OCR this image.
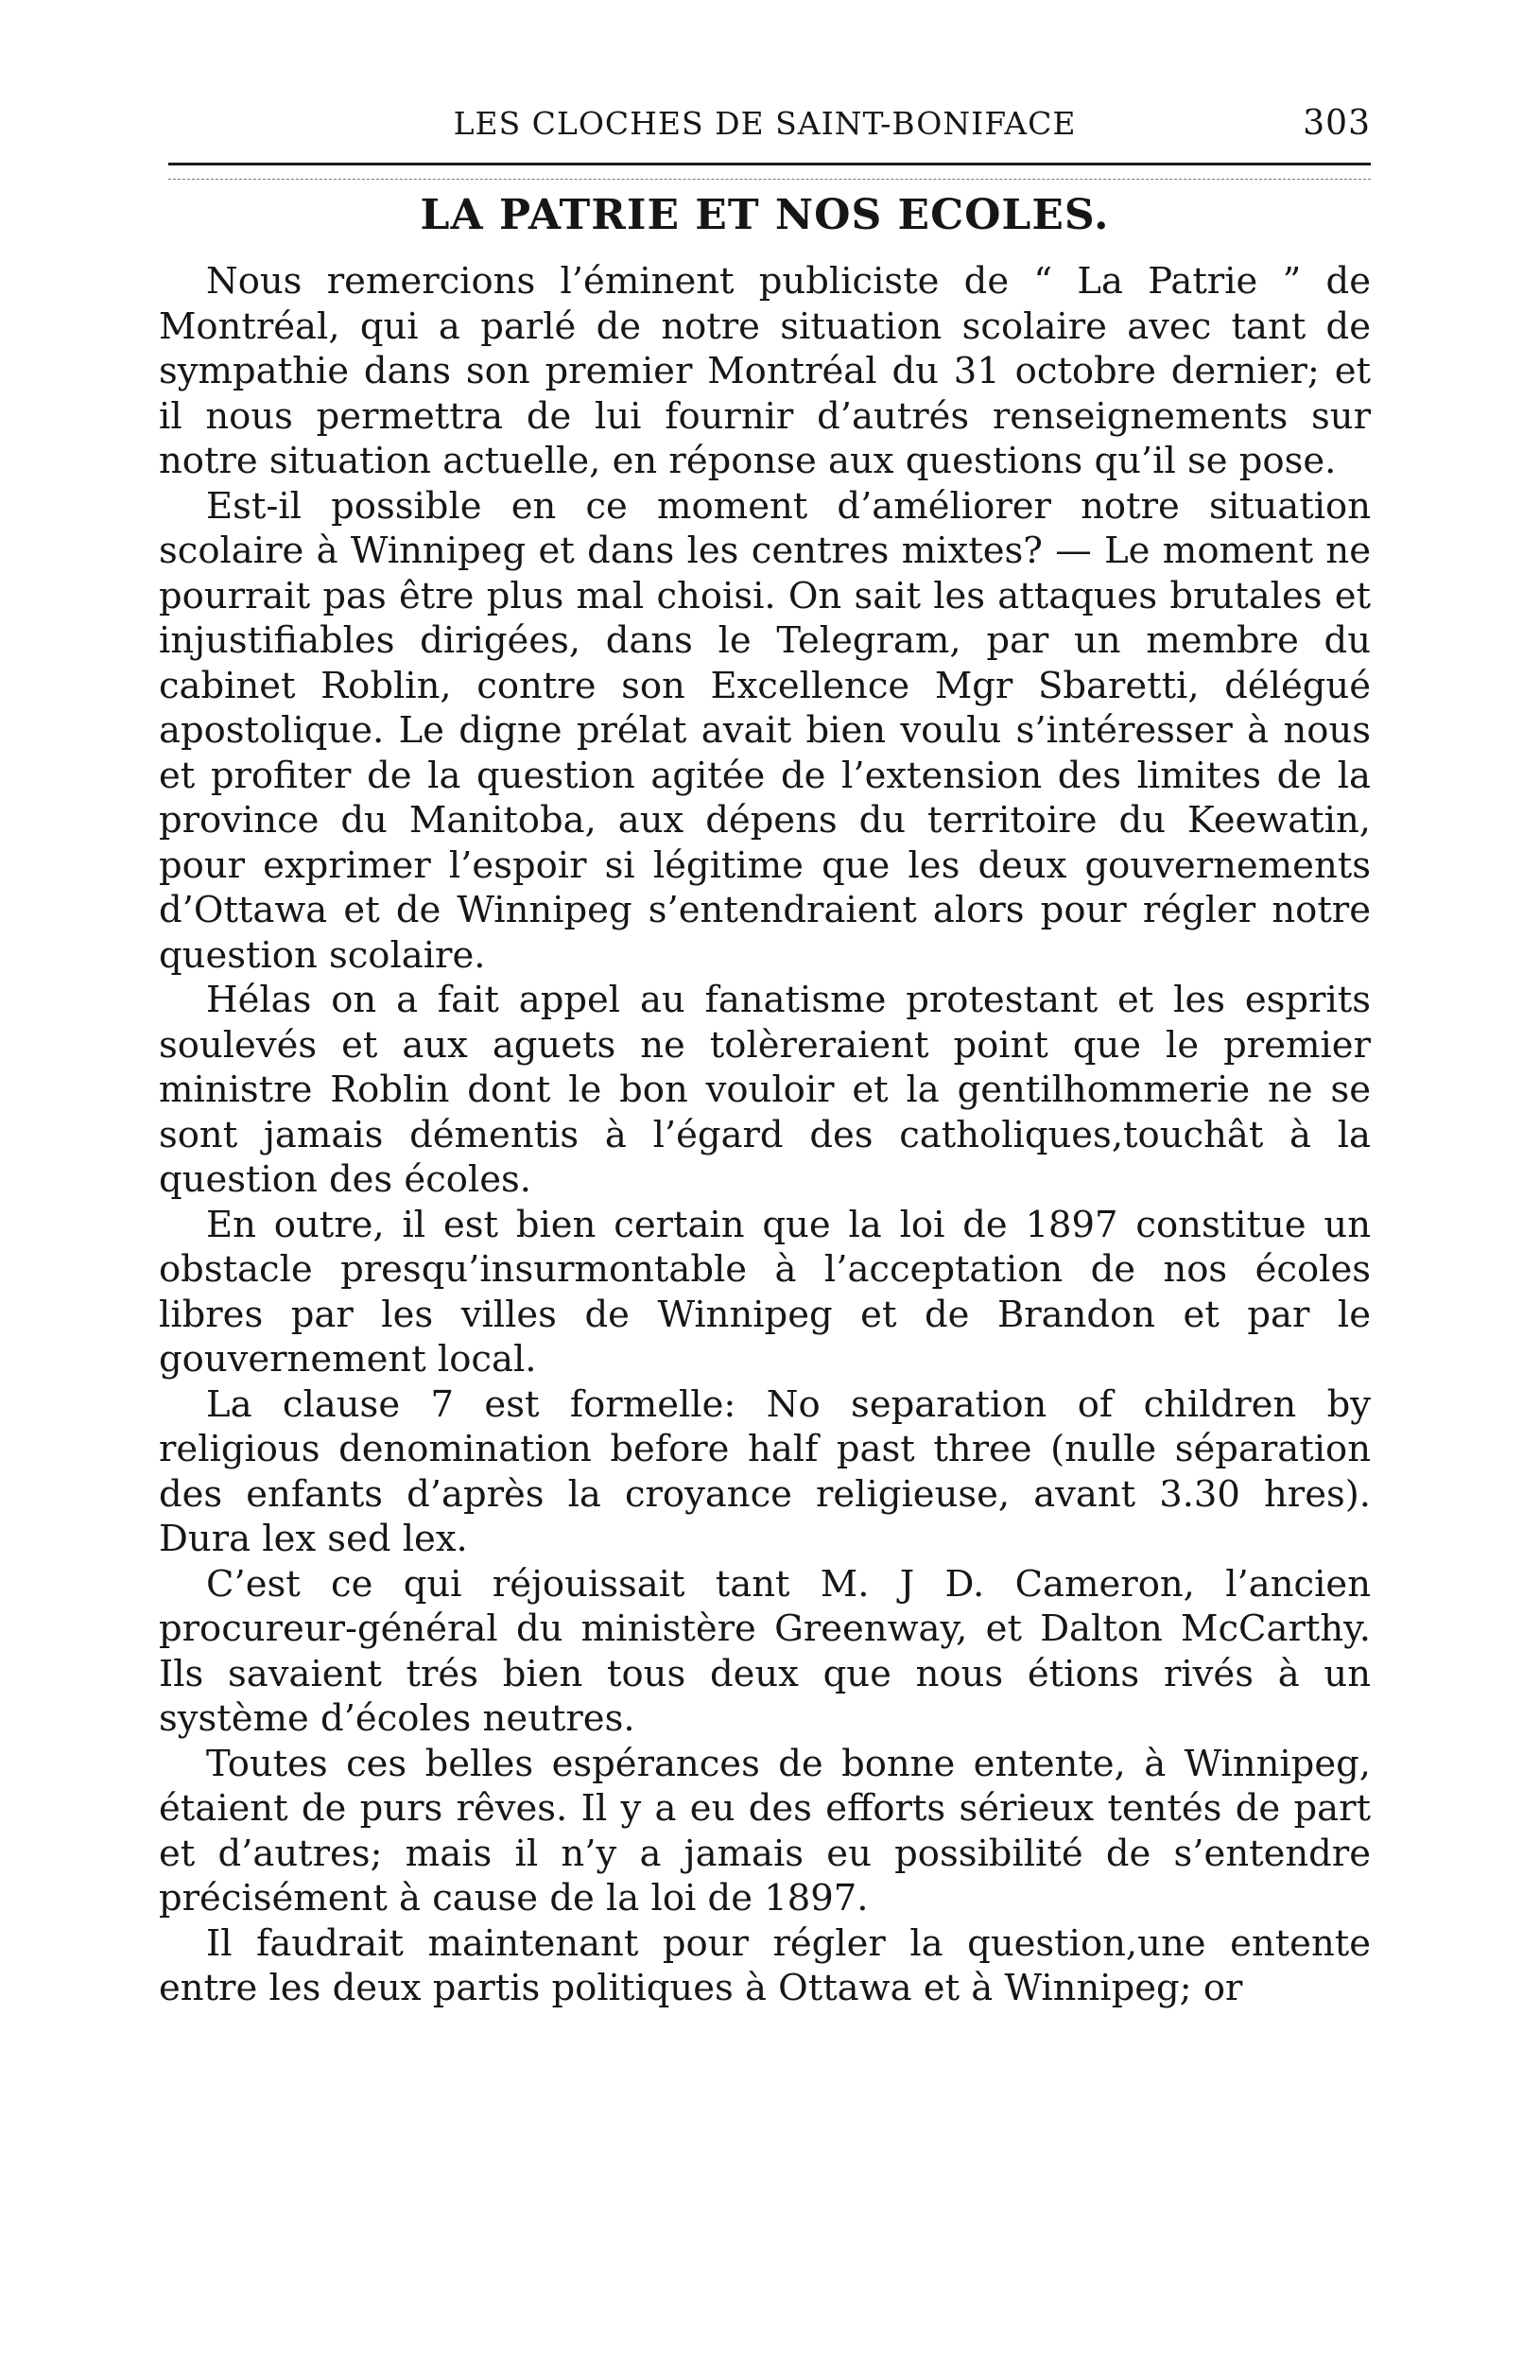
LES CLOCHES DE SAINT-BONIFACE	303
LA PATRIE ET NOS ECOLES.

Nous remercions l’éminent publiciste de “ La Patrie ” de Montréal, qui a parlé de notre situation scolaire avec tant de sympathie dans son premier Montréal du 31 octobre dernier; et il nous permettra de lui fournir d’autrés renseignements sur notre situation actuelle, en réponse aux questions qu’il se pose.

Est-il possible en ce moment d’améliorer notre situation scolaire à Winnipeg et dans les centres mixtes? — Le moment ne pourrait pas être plus mal choisi. On sait les attaques brutales et injustifiables dirigées, dans le Telegram, par un membre du cabinet Roblin, contre son Excellence Mgr Sbaretti, délégué apostolique. Le digne prélat avait bien voulu s’intéresser à nous et profiter de la question agitée de l’extension des limites de la province du Manitoba, aux dépens du territoire du Keewatin, pour exprimer l’espoir si légitime que les deux gouvernements d’Ottawa et de Winnipeg s’entendraient alors pour régler notre question scolaire.

Hélas on a fait appel au fanatisme protestant et les esprits soulevés et aux aguets ne tolèreraient point que le premier ministre Roblin dont le bon vouloir et la gentilhommerie ne se sont jamais démentis à l’égard des catholiques,touchât à la question des écoles.

En outre, il est bien certain que la loi de 1897 constitue un obstacle presqu’insurmontable à l’acceptation de nos écoles libres par les villes de Winnipeg et de Brandon et par le gouvernement local.

La clause 7 est formelle: No separation of children by religious denomination before half past three (nulle séparation des enfants d’après la croyance religieuse, avant 3.30 hres). Dura lex sed lex.

C’est ce qui réjouissait tant M. J D. Cameron, l’ancien procureur-général du ministère Greenway, et Dalton McCarthy. Ils savaient trés bien tous deux que nous étions rivés à un système d’écoles neutres.

Toutes ces belles espérances de bonne entente, à Winnipeg, étaient de purs rêves. Il y a eu des efforts sérieux tentés de part et d’autres; mais il n’y a jamais eu possibilité de s’entendre précisément à cause de la loi de 1897.

Il faudrait maintenant pour régler la question,une entente entre les deux partis politiques à Ottawa et à Winnipeg; or
